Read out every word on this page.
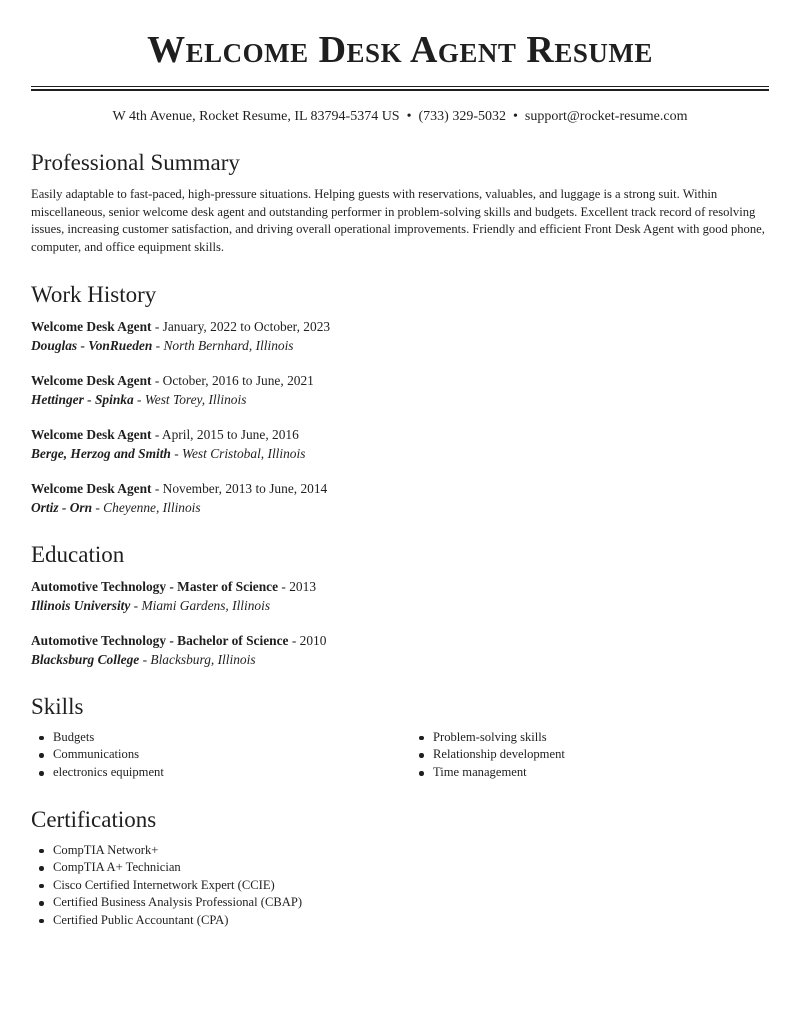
Welcome Desk Agent Resume
W 4th Avenue, Rocket Resume, IL 83794-5374 US • (733) 329-5032 • support@rocket-resume.com
Professional Summary

Easily adaptable to fast-paced, high-pressure situations. Helping guests with reservations, valuables, and luggage is a strong suit. Within miscellaneous, senior welcome desk agent and outstanding performer in problem-solving skills and budgets. Excellent track record of resolving issues, increasing customer satisfaction, and driving overall operational improvements. Friendly and efficient Front Desk Agent with good phone, computer, and office equipment skills.

Work History
Welcome Desk Agent - January, 2022 to October, 2023
Douglas - VonRueden - North Bernhard, Illinois
Welcome Desk Agent - October, 2016 to June, 2021
Hettinger - Spinka - West Torey, Illinois
Welcome Desk Agent - April, 2015 to June, 2016
Berge, Herzog and Smith - West Cristobal, Illinois
Welcome Desk Agent - November, 2013 to June, 2014
Ortiz - Orn - Cheyenne, Illinois
Education
Automotive Technology - Master of Science - 2013
Illinois University - Miami Gardens, Illinois
Automotive Technology - Bachelor of Science - 2010
Blacksburg College - Blacksburg, Illinois
Skills
Budgets
Communications
electronics equipment
Problem-solving skills
Relationship development
Time management
Certifications
CompTIA Network+
CompTIA A+ Technician
Cisco Certified Internetwork Expert (CCIE)
Certified Business Analysis Professional (CBAP)
Certified Public Accountant (CPA)
